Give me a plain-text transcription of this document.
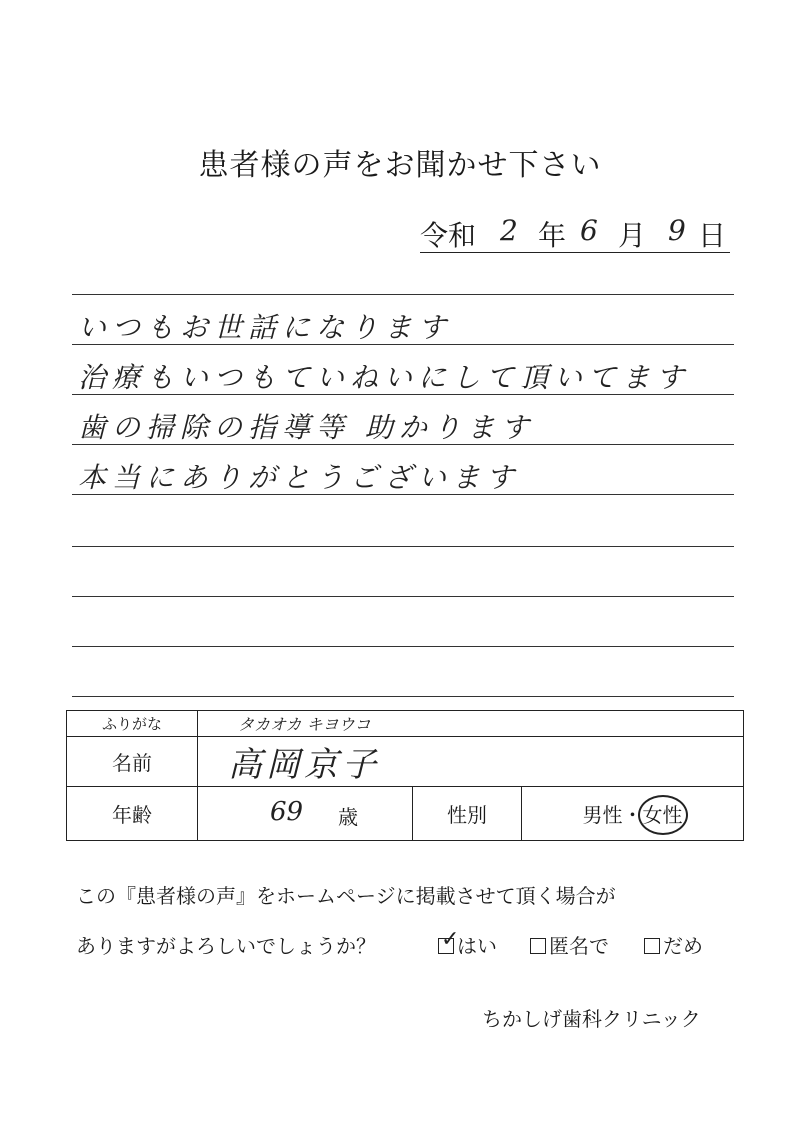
患者様の声をお聞かせ下さい
令和 2 年 6 月 9 日
いつもお世話になります
治療もいつもていねいにして頂いてます
歯の掃除の指導等 助かります
本当にありがとうございます
ふりがな	タカオカ キヨウコ		
名前	高岡京子		
年齢	69 歳	性別	男性・女性
この『患者様の声』をホームページに掲載させて頂く場合が
ありますがよろしいでしょうか？	✓
はい	匿名で	だめ
ちかしげ歯科クリニック
